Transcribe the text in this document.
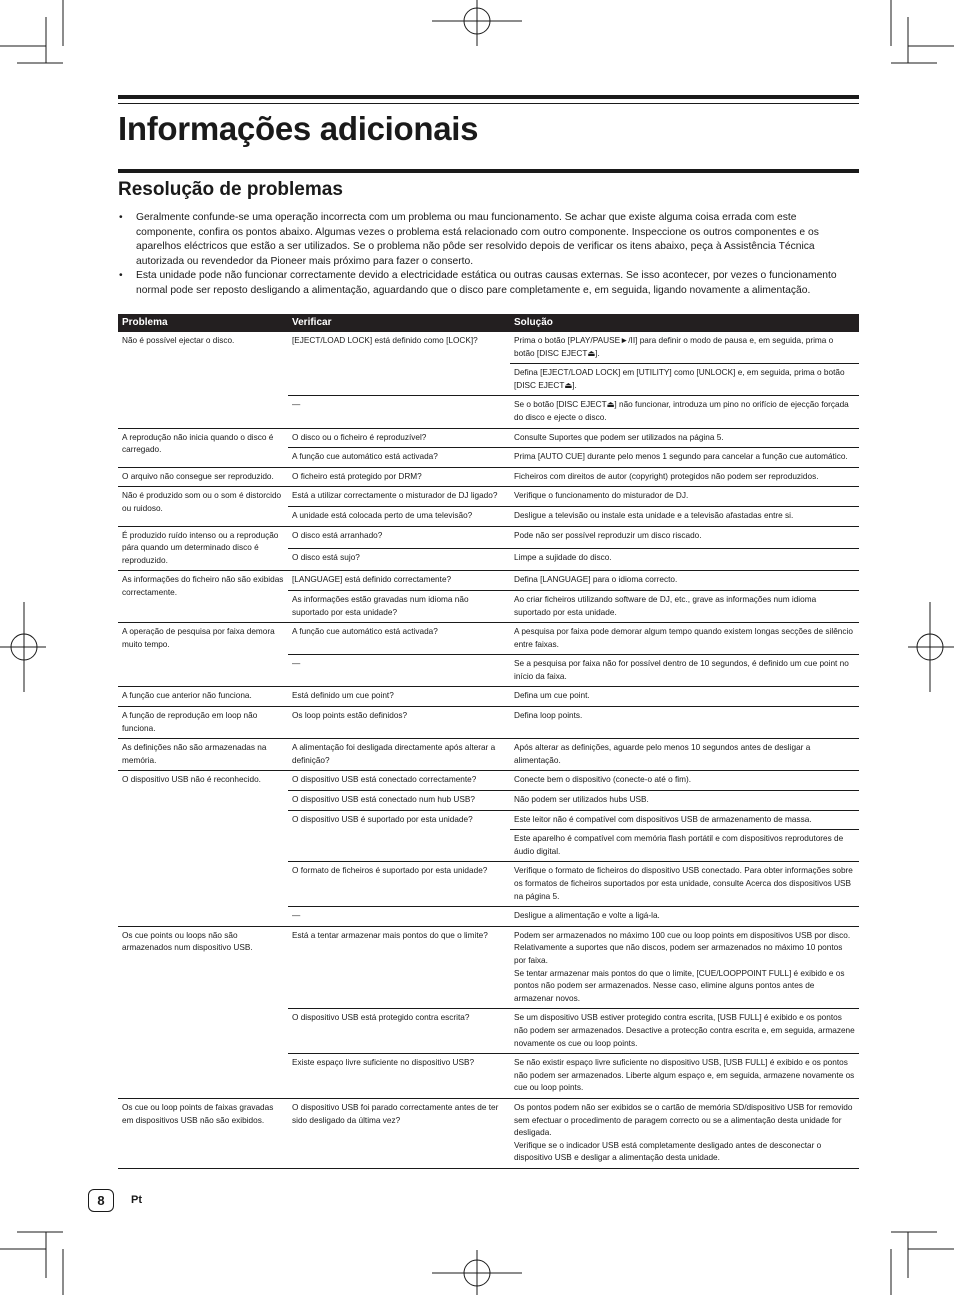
Informações adicionais
Resolução de problemas
• Geralmente confunde-se uma operação incorrecta com um problema ou mau funcionamento. Se achar que existe alguma coisa errada com este componente, confira os pontos abaixo. Algumas vezes o problema está relacionado com outro componente. Inspeccione os outros componentes e os aparelhos eléctricos que estão a ser utilizados. Se o problema não pôde ser resolvido depois de verificar os itens abaixo, peça à Assistência Técnica autorizada ou revendedor da Pioneer mais próximo para fazer o conserto.
• Esta unidade pode não funcionar correctamente devido a electricidade estática ou outras causas externas. Se isso acontecer, por vezes o funcionamento normal pode ser reposto desligando a alimentação, aguardando que o disco pare completamente e, em seguida, ligando novamente a alimentação.
Problema	Verificar	Solução
Não é possível ejectar o disco.	[EJECT/LOAD LOCK] está definido como [LOCK]?	Prima o botão [PLAY/PAUSE►/II] para definir o modo de pausa e, em seguida, prima o botão [DISC EJECT⏏].
		Defina [EJECT/LOAD LOCK] em [UTILITY] como [UNLOCK] e, em seguida, prima o botão [DISC EJECT⏏].
	—	Se o botão [DISC EJECT⏏] não funcionar, introduza um pino no orifício de ejecção forçada do disco e ejecte o disco.
A reprodução não inicia quando o disco é carregado.	O disco ou o ficheiro é reproduzível?	Consulte Suportes que podem ser utilizados na página 5.
	A função cue automático está activada?	Prima [AUTO CUE] durante pelo menos 1 segundo para cancelar a função cue automático.
O arquivo não consegue ser reproduzido.	O ficheiro está protegido por DRM?	Ficheiros com direitos de autor (copyright) protegidos não podem ser reproduzidos.
Não é produzido som ou o som é distorcido ou ruidoso.	Está a utilizar correctamente o misturador de DJ ligado?	Verifique o funcionamento do misturador de DJ.
	A unidade está colocada perto de uma televisão?	Desligue a televisão ou instale esta unidade e a televisão afastadas entre si.
É produzido ruído intenso ou a reprodução pára quando um determinado disco é reproduzido.	O disco está arranhado?	Pode não ser possível reproduzir um disco riscado.
	O disco está sujo?	Limpe a sujidade do disco.
As informações do ficheiro não são exibidas correctamente.	[LANGUAGE] está definido correctamente?	Defina [LANGUAGE] para o idioma correcto.
	As informações estão gravadas num idioma não suportado por esta unidade?	Ao criar ficheiros utilizando software de DJ, etc., grave as informações num idioma suportado por esta unidade.
A operação de pesquisa por faixa demora muito tempo.	A função cue automático está activada?	A pesquisa por faixa pode demorar algum tempo quando existem longas secções de silêncio entre faixas.
	—	Se a pesquisa por faixa não for possível dentro de 10 segundos, é definido um cue point no início da faixa.
A função cue anterior não funciona.	Está definido um cue point?	Defina um cue point.
A função de reprodução em loop não funciona.	Os loop points estão definidos?	Defina loop points.
As definições não são armazenadas na memória.	A alimentação foi desligada directamente após alterar a definição?	Após alterar as definições, aguarde pelo menos 10 segundos antes de desligar a alimentação.
O dispositivo USB não é reconhecido.	O dispositivo USB está conectado correctamente?	Conecte bem o dispositivo (conecte-o até o fim).
	O dispositivo USB está conectado num hub USB?	Não podem ser utilizados hubs USB.
	O dispositivo USB é suportado por esta unidade?	Este leitor não é compatível com dispositivos USB de armazenamento de massa.
		Este aparelho é compatível com memória flash portátil e com dispositivos reprodutores de áudio digital.
	O formato de ficheiros é suportado por esta unidade?	Verifique o formato de ficheiros do dispositivo USB conectado. Para obter informações sobre os formatos de ficheiros suportados por esta unidade, consulte Acerca dos dispositivos USB na página 5.
	—	Desligue a alimentação e volte a ligá-la.
Os cue points ou loops não são armazenados num dispositivo USB.	Está a tentar armazenar mais pontos do que o limite?	Podem ser armazenados no máximo 100 cue ou loop points em dispositivos USB por disco. Relativamente a suportes que não discos, podem ser armazenados no máximo 10 pontos por faixa.
Se tentar armazenar mais pontos do que o limite, [CUE/LOOPPOINT FULL] é exibido e os pontos não podem ser armazenados. Nesse caso, elimine alguns pontos antes de armazenar novos.
	O dispositivo USB está protegido contra escrita?	Se um dispositivo USB estiver protegido contra escrita, [USB FULL] é exibido e os pontos não podem ser armazenados. Desactive a protecção contra escrita e, em seguida, armazene novamente os cue ou loop points.
	Existe espaço livre suficiente no dispositivo USB?	Se não existir espaço livre suficiente no dispositivo USB, [USB FULL] é exibido e os pontos não podem ser armazenados. Liberte algum espaço e, em seguida, armazene novamente os cue ou loop points.
Os cue ou loop points de faixas gravadas em dispositivos USB não são exibidos.	O dispositivo USB foi parado correctamente antes de ter sido desligado da última vez?	Os pontos podem não ser exibidos se o cartão de memória SD/dispositivo USB for removido sem efectuar o procedimento de paragem correcto ou se a alimentação desta unidade for desligada.
Verifique se o indicador USB está completamente desligado antes de desconectar o dispositivo USB e desligar a alimentação desta unidade.
8	Pt
